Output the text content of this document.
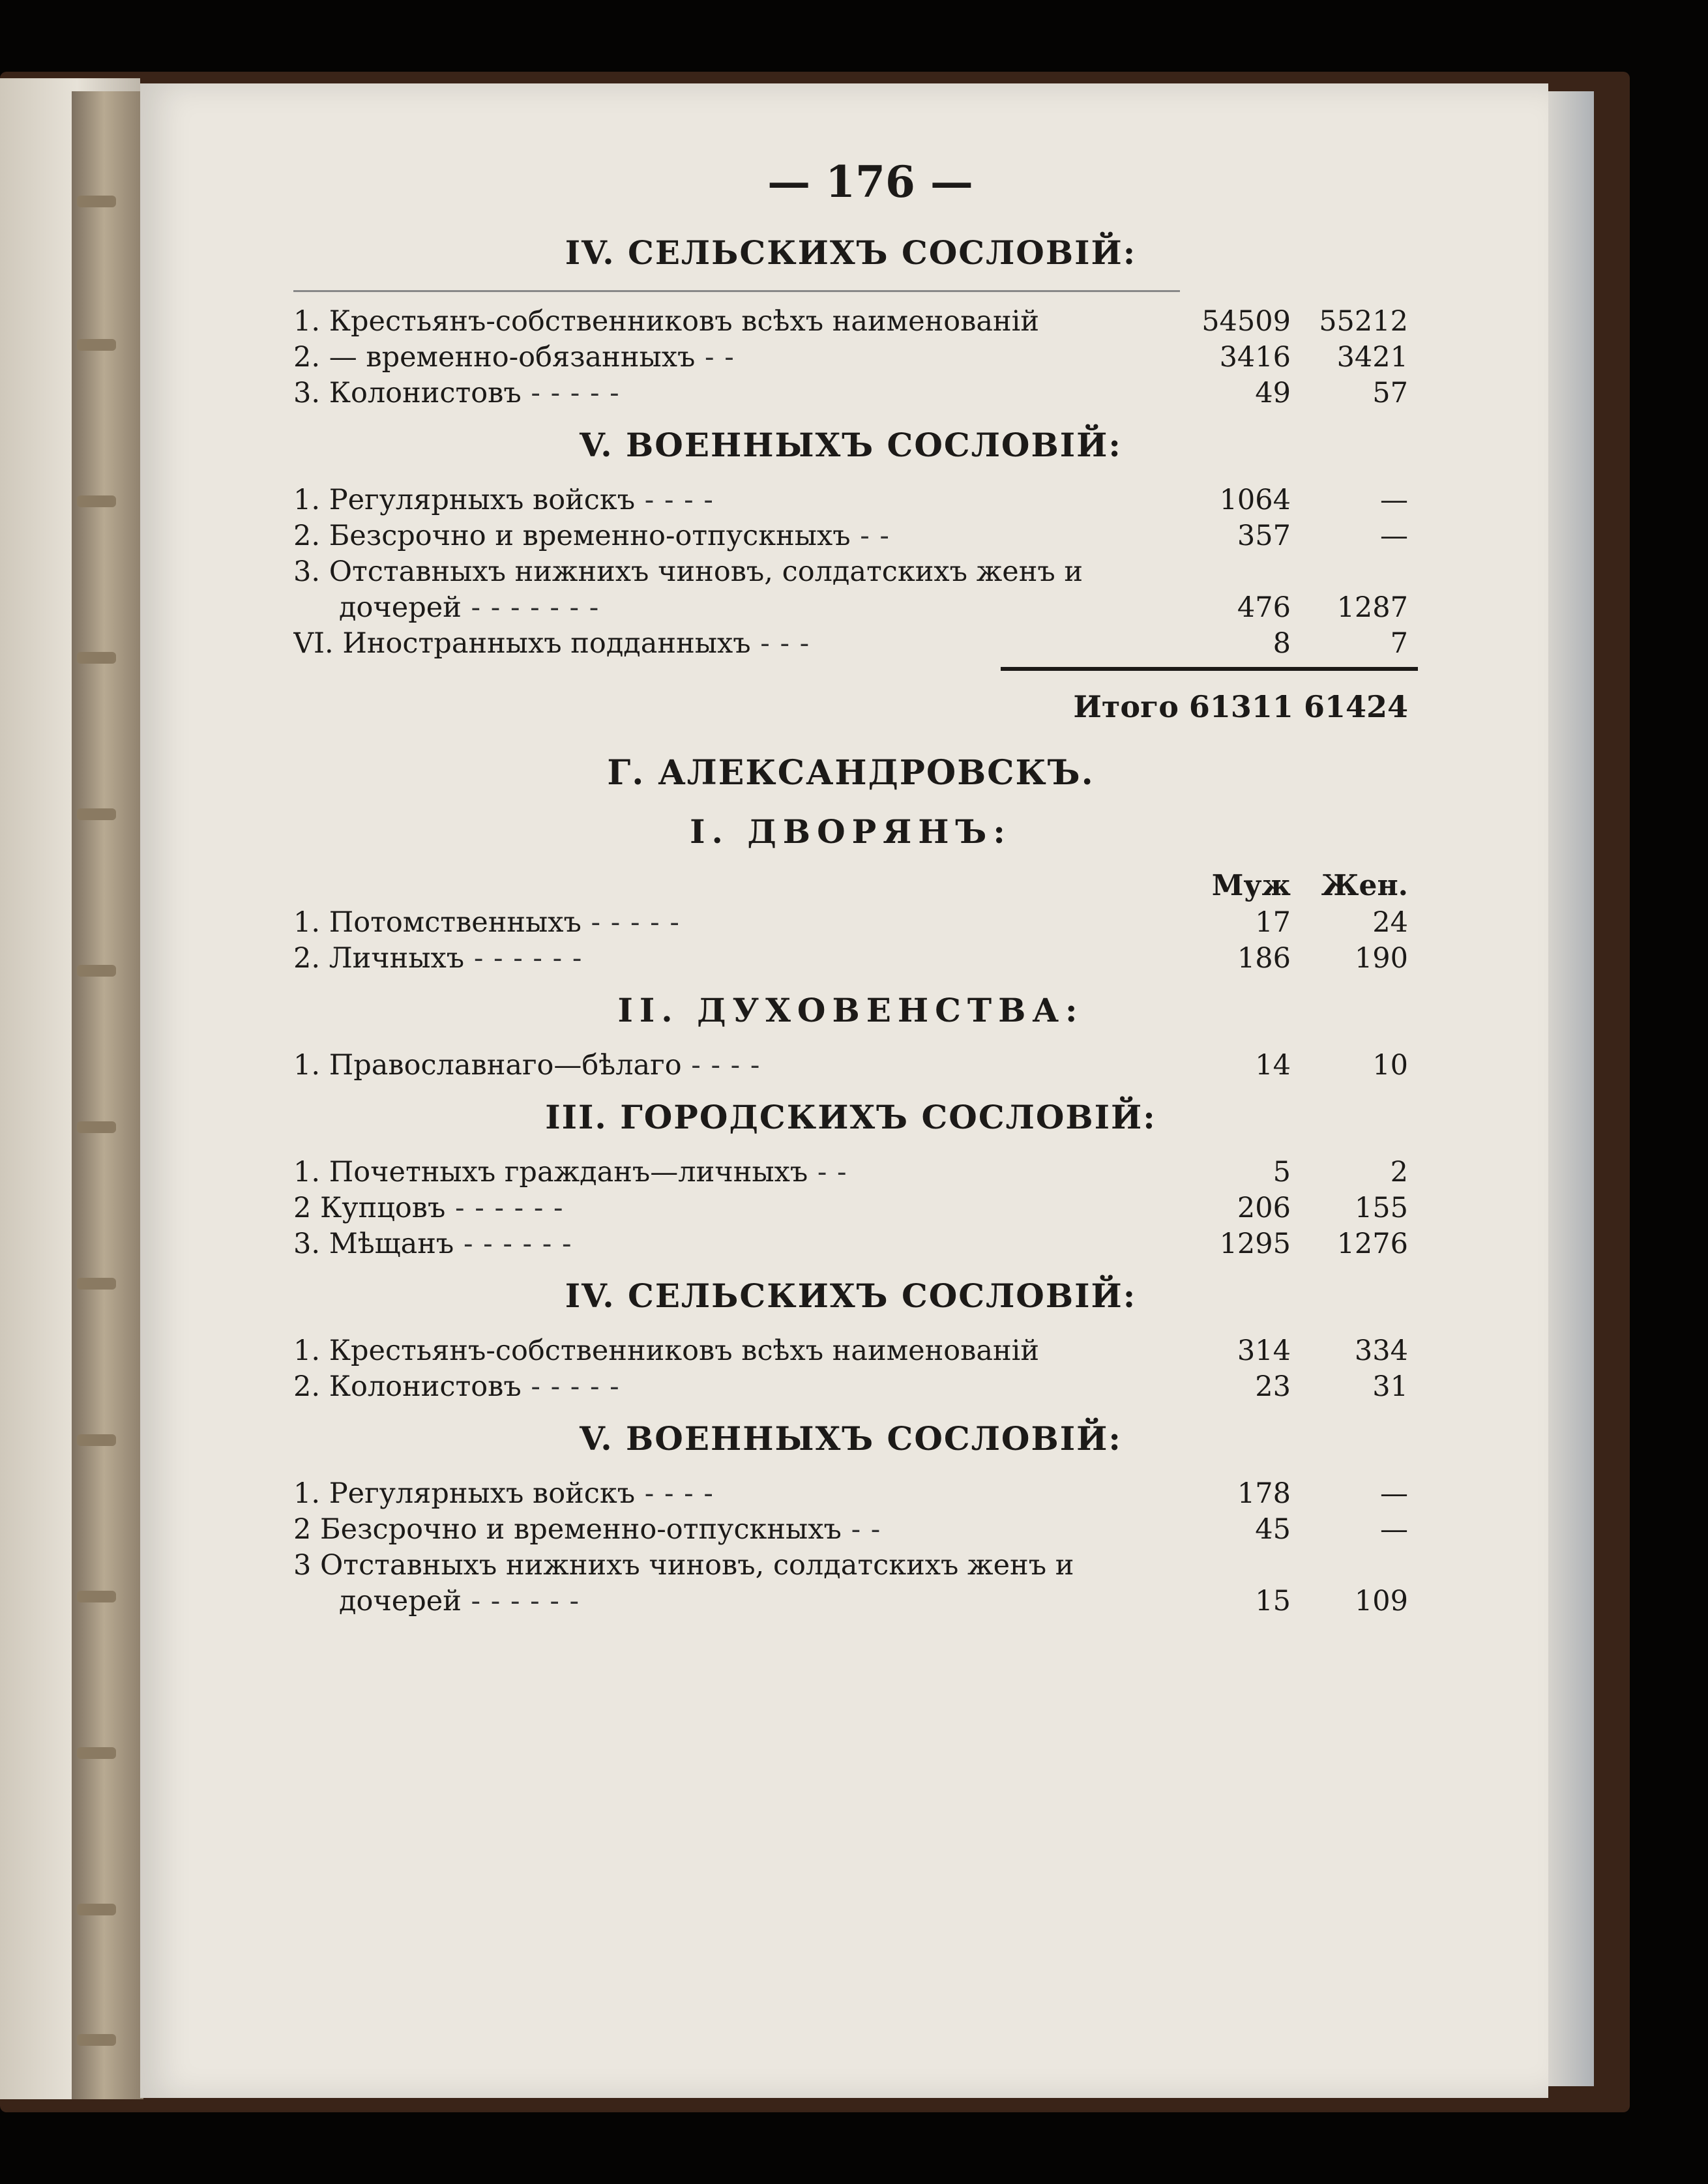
— 176 —
IV. СЕЛЬСКИХЪ СОСЛОВІЙ:
1. Крестьянъ-собственниковъ всѣхъ наименованій	54509	55212
2. — временно-обязанныхъ - -	3416	3421
3. Колонистовъ - - - - -	49	57
V. ВОЕННЫХЪ СОСЛОВІЙ:
1. Регулярныхъ войскъ - - - -	1064	—
2. Безсрочно и временно-отпускныхъ - -	357	—
3. Отставныхъ нижнихъ чиновъ, солдатскихъ женъ и
дочерей - - - - - - -	476	1287
VI. Иностранныхъ подданныхъ - - -	8	7
Итого 61311 61424
Г. АЛЕКСАНДРОВСКЪ.
I. ДВОРЯНЪ:
Муж	Жен.
1. Потомственныхъ - - - - -	17	24
2. Личныхъ - - - - - -	186	190
II. ДУХОВЕНСТВА:
1. Православнаго—бѣлаго - - - -	14	10
III. ГОРОДСКИХЪ СОСЛОВІЙ:
1. Почетныхъ гражданъ—личныхъ - -	5	2
2 Купцовъ - - - - - -	206	155
3. Мѣщанъ - - - - - -	1295	1276
IV. СЕЛЬСКИХЪ СОСЛОВІЙ:
1. Крестьянъ-собственниковъ всѣхъ наименованій	314	334
2. Колонистовъ - - - - -	23	31
V. ВОЕННЫХЪ СОСЛОВІЙ:
1. Регулярныхъ войскъ - - - -	178	—
2 Безсрочно и временно-отпускныхъ - -	45	—
3 Отставныхъ нижнихъ чиновъ, солдатскихъ женъ и
дочерей - - - - - -	15	109
